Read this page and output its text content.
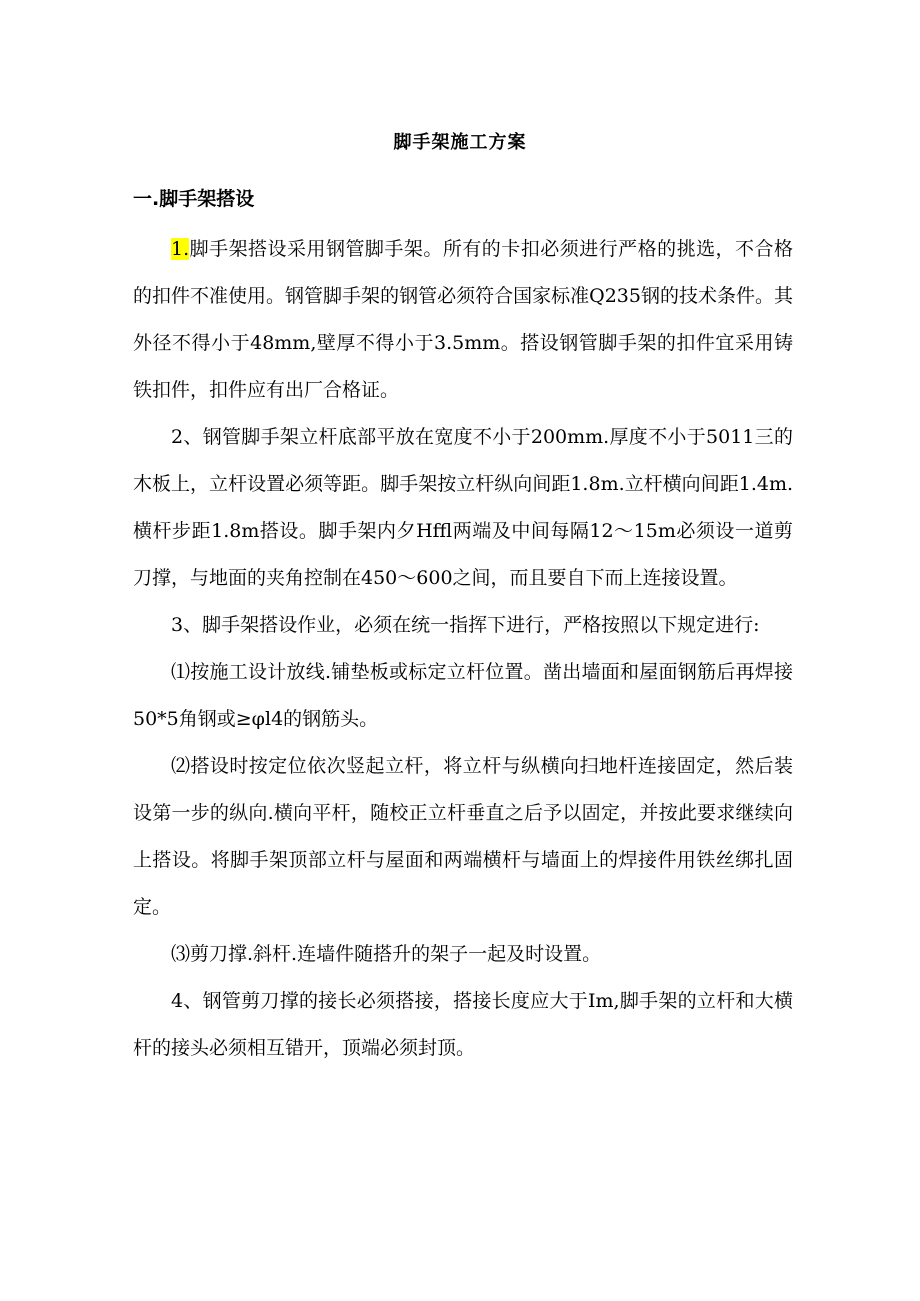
脚手架施工方案
一.脚手架搭设

1.脚手架搭设采用钢管脚手架。所有的卡扣必须进行严格的挑选，不合格的扣件不准使用。钢管脚手架的钢管必须符合国家标准Q235钢的技术条件。其外径不得小于48mm,壁厚不得小于3.5mm。搭设钢管脚手架的扣件宜采用铸铁扣件，扣件应有出厂合格证。

2、钢管脚手架立杆底部平放在宽度不小于200mm.厚度不小于5011三的木板上，立杆设置必须等距。脚手架按立杆纵向间距1.8m.立杆横向间距1.4m.横杆步距1.8m搭设。脚手架内夕Hffl两端及中间每隔12～15m必须设一道剪刀撑，与地面的夹角控制在450～600之间，而且要自下而上连接设置。

3、脚手架搭设作业，必须在统一指挥下进行，严格按照以下规定进行:

⑴按施工设计放线.铺垫板或标定立杆位置。凿出墙面和屋面钢筋后再焊接50*5角钢或≥φl4的钢筋头。

⑵搭设时按定位依次竖起立杆，将立杆与纵横向扫地杆连接固定，然后装设第一步的纵向.横向平杆，随校正立杆垂直之后予以固定，并按此要求继续向上搭设。将脚手架顶部立杆与屋面和两端横杆与墙面上的焊接件用铁丝绑扎固定。

⑶剪刀撑.斜杆.连墙件随搭升的架子一起及时设置。

4、钢管剪刀撑的接长必须搭接，搭接长度应大于Im,脚手架的立杆和大横杆的接头必须相互错开，顶端必须封顶。
